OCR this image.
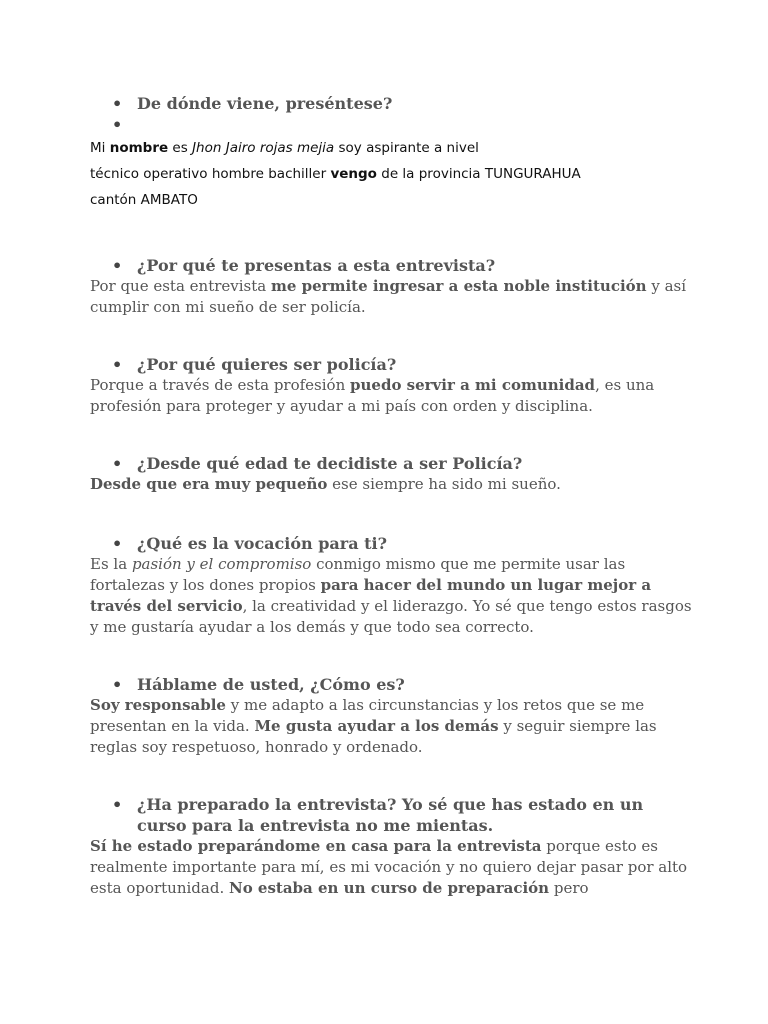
• De dónde viene, preséntese?
•
Mi nombre es Jhon Jairo rojas mejia soy aspirante a nivel
técnico operativo hombre bachiller vengo de la provincia TUNGURAHUA
cantón AMBATO
• ¿Por qué te presentas a esta entrevista?
Por que esta entrevista me permite ingresar a esta noble institución y así cumplir con mi sueño de ser policía.
• ¿Por qué quieres ser policía?
Porque a través de esta profesión puedo servir a mi comunidad, es una profesión para proteger y ayudar a mi país con orden y disciplina.
• ¿Desde qué edad te decidiste a ser Policía?
Desde que era muy pequeño ese siempre ha sido mi sueño.
• ¿Qué es la vocación para ti?
Es la pasión y el compromiso conmigo mismo que me permite usar las fortalezas y los dones propios para hacer del mundo un lugar mejor a través del servicio, la creatividad y el liderazgo. Yo sé que tengo estos rasgos y me gustaría ayudar a los demás y que todo sea correcto.
• Háblame de usted, ¿Cómo es?
Soy responsable y me adapto a las circunstancias y los retos que se me presentan en la vida. Me gusta ayudar a los demás y seguir siempre las reglas soy respetuoso, honrado y ordenado.
• ¿Ha preparado la entrevista? Yo sé que has estado en un curso para la entrevista no me mientas.
Sí he estado preparándome en casa para la entrevista porque esto es realmente importante para mí, es mi vocación y no quiero dejar pasar por alto esta oportunidad. No estaba en un curso de preparación pero
